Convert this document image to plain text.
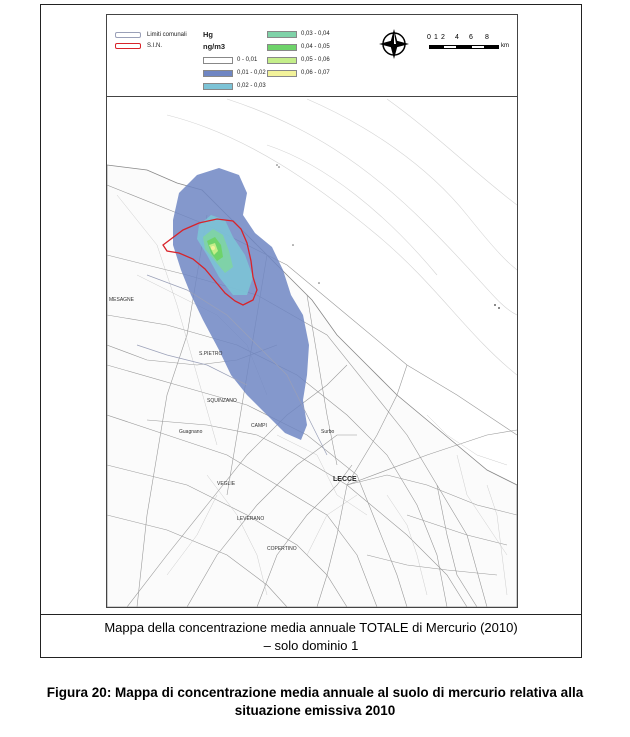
LECCE
MESAGNE
S.PIETRO
SQUINZANO
CAMPI
VEGLIE
LEVERANO
COPERTINO
Surbo
Guagnano
Limiti comunali
S.I.N.
Hg
ng/m3
0 - 0,01
0,01 - 0,02
0,02 - 0,03
0,03 - 0,04
0,04 - 0,05
0,05 - 0,06
0,06 - 0,07
0 1 2 4 6 8
km
Mappa della concentrazione media annuale TOTALE di Mercurio (2010)
– solo dominio 1
Figura 20: Mappa di concentrazione media annuale al suolo di mercurio relativa alla
situazione emissiva 2010
